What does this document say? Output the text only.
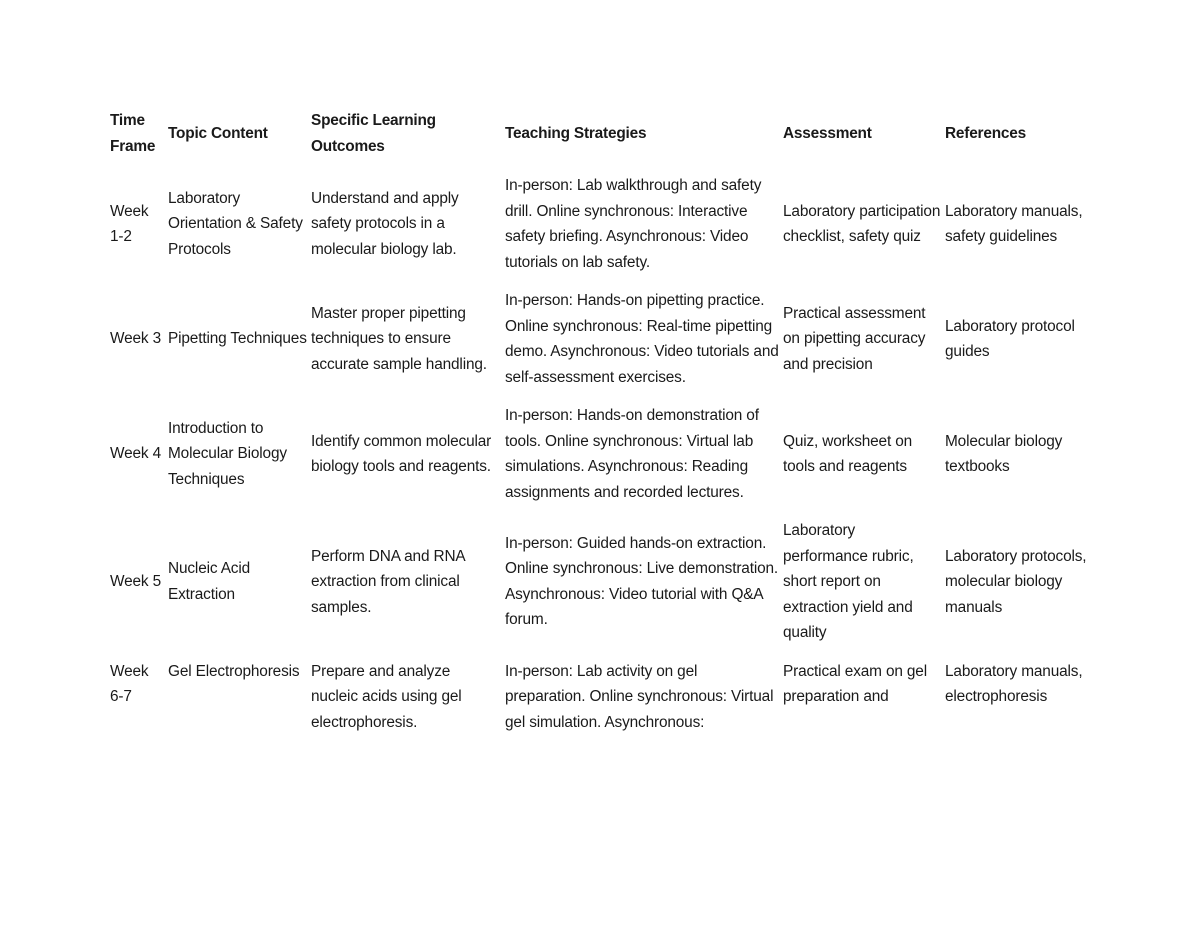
Time Frame	Topic Content	Specific Learning Outcomes	Teaching Strategies	Assessment	References
Week 1-2	Laboratory Orientation & Safety Protocols	Understand and apply safety protocols in a molecular biology lab.	In-person: Lab walkthrough and safety drill. Online synchronous: Interactive safety briefing. Asynchronous: Video tutorials on lab safety.	Laboratory participation checklist, safety quiz	Laboratory manuals, safety guidelines
Week 3	Pipetting Techniques	Master proper pipetting techniques to ensure accurate sample handling.	In-person: Hands-on pipetting practice. Online synchronous: Real-time pipetting demo. Asynchronous: Video tutorials and self-assessment exercises.	Practical assessment on pipetting accuracy and precision	Laboratory protocol guides
Week 4	Introduction to Molecular Biology Techniques	Identify common molecular biology tools and reagents.	In-person: Hands-on demonstration of tools. Online synchronous: Virtual lab simulations. Asynchronous: Reading assignments and recorded lectures.	Quiz, worksheet on tools and reagents	Molecular biology textbooks
Week 5	Nucleic Acid Extraction	Perform DNA and RNA extraction from clinical samples.	In-person: Guided hands-on extraction. Online synchronous: Live demonstration. Asynchronous: Video tutorial with Q&A forum.	Laboratory performance rubric, short report on extraction yield and quality	Laboratory protocols, molecular biology manuals
Week 6-7	Gel Electrophoresis	Prepare and analyze nucleic acids using gel electrophoresis.	In-person: Lab activity on gel preparation. Online synchronous: Virtual gel simulation. Asynchronous:	Practical exam on gel preparation and	Laboratory manuals, electrophoresis
